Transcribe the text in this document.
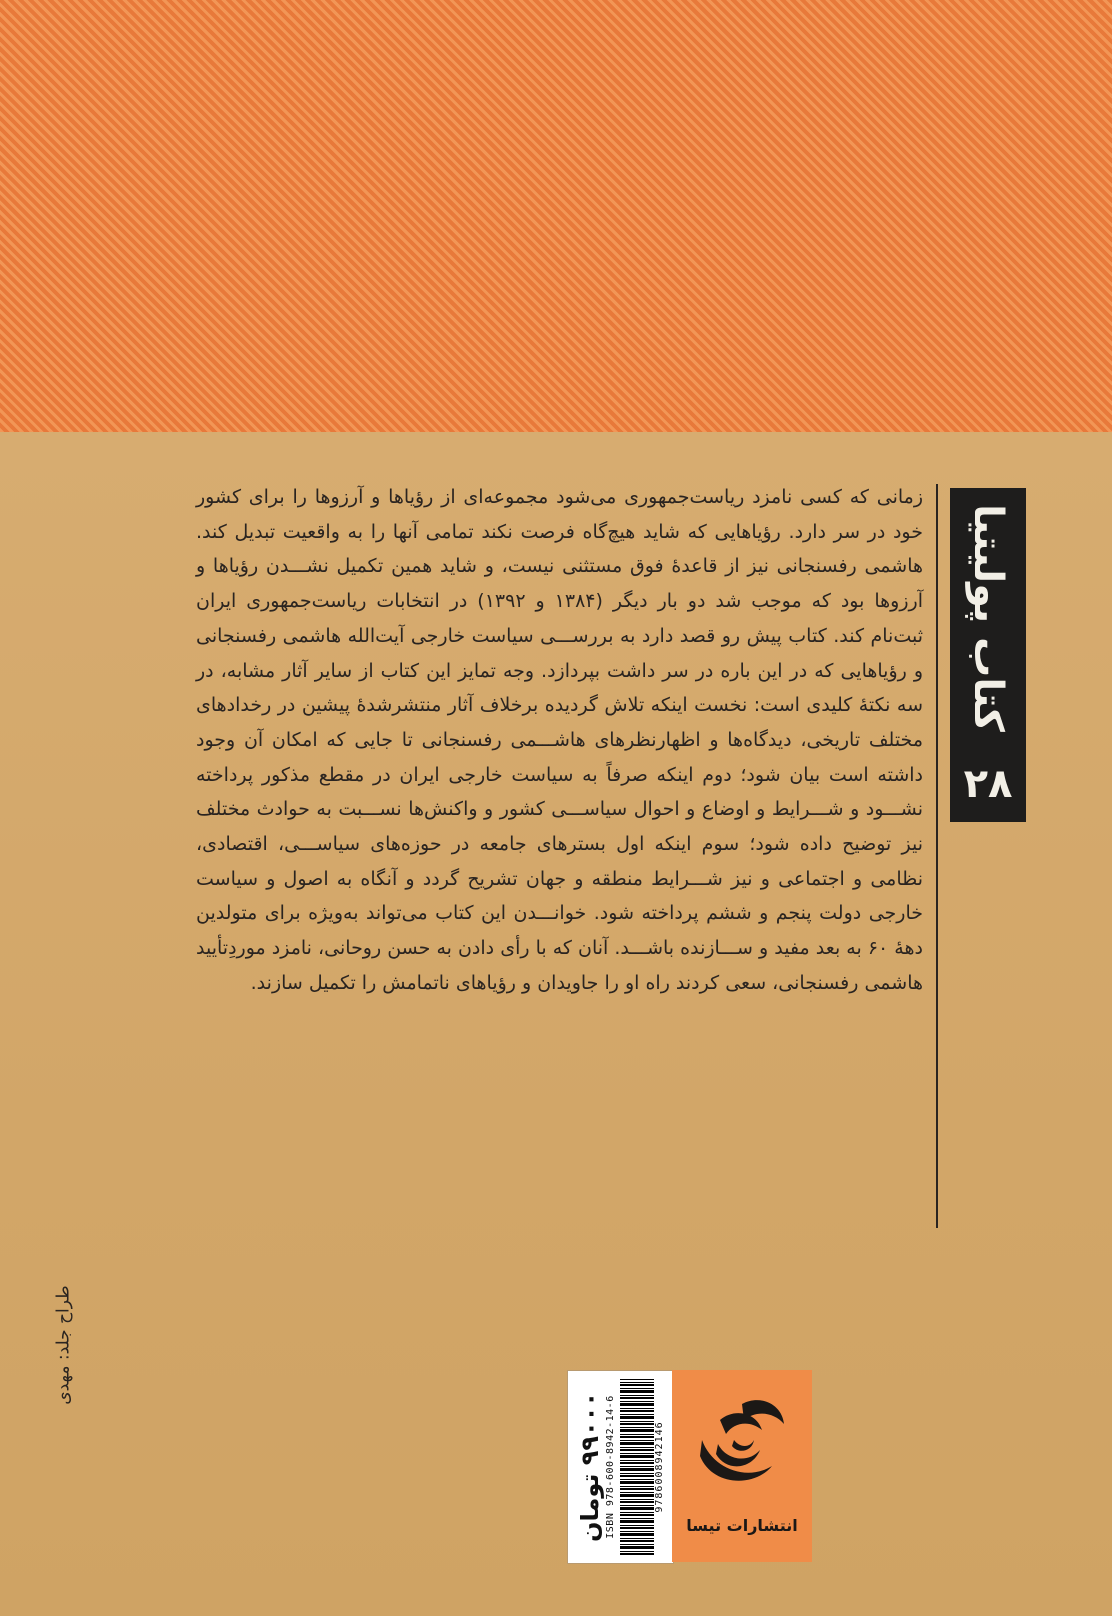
کتاب پولیتیا
۲۸

زمانی که کسی نامزد ریاست‌جمهوری می‌شود مجموعه‌ای از رؤیاها و آرزوها را برای کشور خود در سر دارد. رؤیاهایی که شاید هیچ‌گاه فرصت نکند تمامی آنها را به واقعیت تبدیل کند. هاشمی رفسنجانی نیز از قاعدهٔ فوق مستثنی نیست، و شاید همین تکمیل نشـــدن رؤیاها و آرزوها بود که موجب شد دو بار دیگر (۱۳۸۴ و ۱۳۹۲) در انتخابات ریاست‌جمهوری ایران ثبت‌نام کند. کتاب پیش رو قصد دارد به بررســـی سیاست خارجی آیت‌الله هاشمی رفسنجانی و رؤیاهایی که در این باره در سر داشت بپردازد. وجه تمایز این کتاب از سایر آثار مشابه، در سه نکتهٔ کلیدی است: نخست اینکه تلاش گردیده برخلاف آثار منتشرشدهٔ پیشین در رخدادهای مختلف تاریخی، دیدگاه‌ها و اظهارنظرهای هاشـــمی رفسنجانی تا جایی که امکان آن وجود داشته است بیان شود؛ دوم اینکه صرفاً به سیاست خارجی ایران در مقطع مذکور پرداخته نشـــود و شـــرایط و اوضاع و احوال سیاســـی کشور و واکنش‌ها نســـبت به حوادث مختلف نیز توضیح داده شود؛ سوم اینکه اول بسترهای جامعه در حوزه‌های سیاســـی، اقتصادی، نظامی و اجتماعی و نیز شـــرایط منطقه و جهان تشریح گردد و آنگاه به اصول و سیاست خارجی دولت پنجم و ششم پرداخته شود. خوانـــدن این کتاب می‌تواند به‌ویژه برای متولدین دههٔ ۶۰ به بعد مفید و ســـازنده باشـــد. آنان که با رأی دادن به حسن روحانی، نامزد موردِتأیید هاشمی رفسنجانی، سعی کردند راه او را جاویدان و رؤیاهای ناتمامش را تکمیل سازند.

طراح جلد: مهدی
۹۹۰۰۰ تومان ISBN 978-600-8942-14-6	9786008942146
انتشارات تیسا
